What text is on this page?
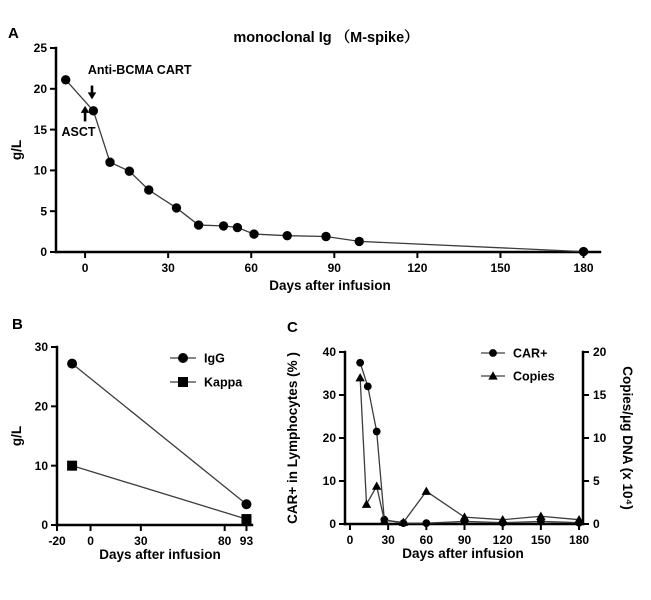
0	30	60	90	120	150	180
0
5
10
15
20
25
Anti-BCMA CART
ASCT
monoclonal Ig （M-spike）
Days after infusion
g/L
A
-20 0	30	80 93
0
10
20
30
IgG
Kappa
Days after infusion
g/L
B
0 30 60 90 120 150 180
0
10
20
30
40
0
5
10
15
20
CAR+
Copies
Days after infusion
CAR+ in Lymphocytes (% )	Copies/μg DNA (x 10⁴)
C
